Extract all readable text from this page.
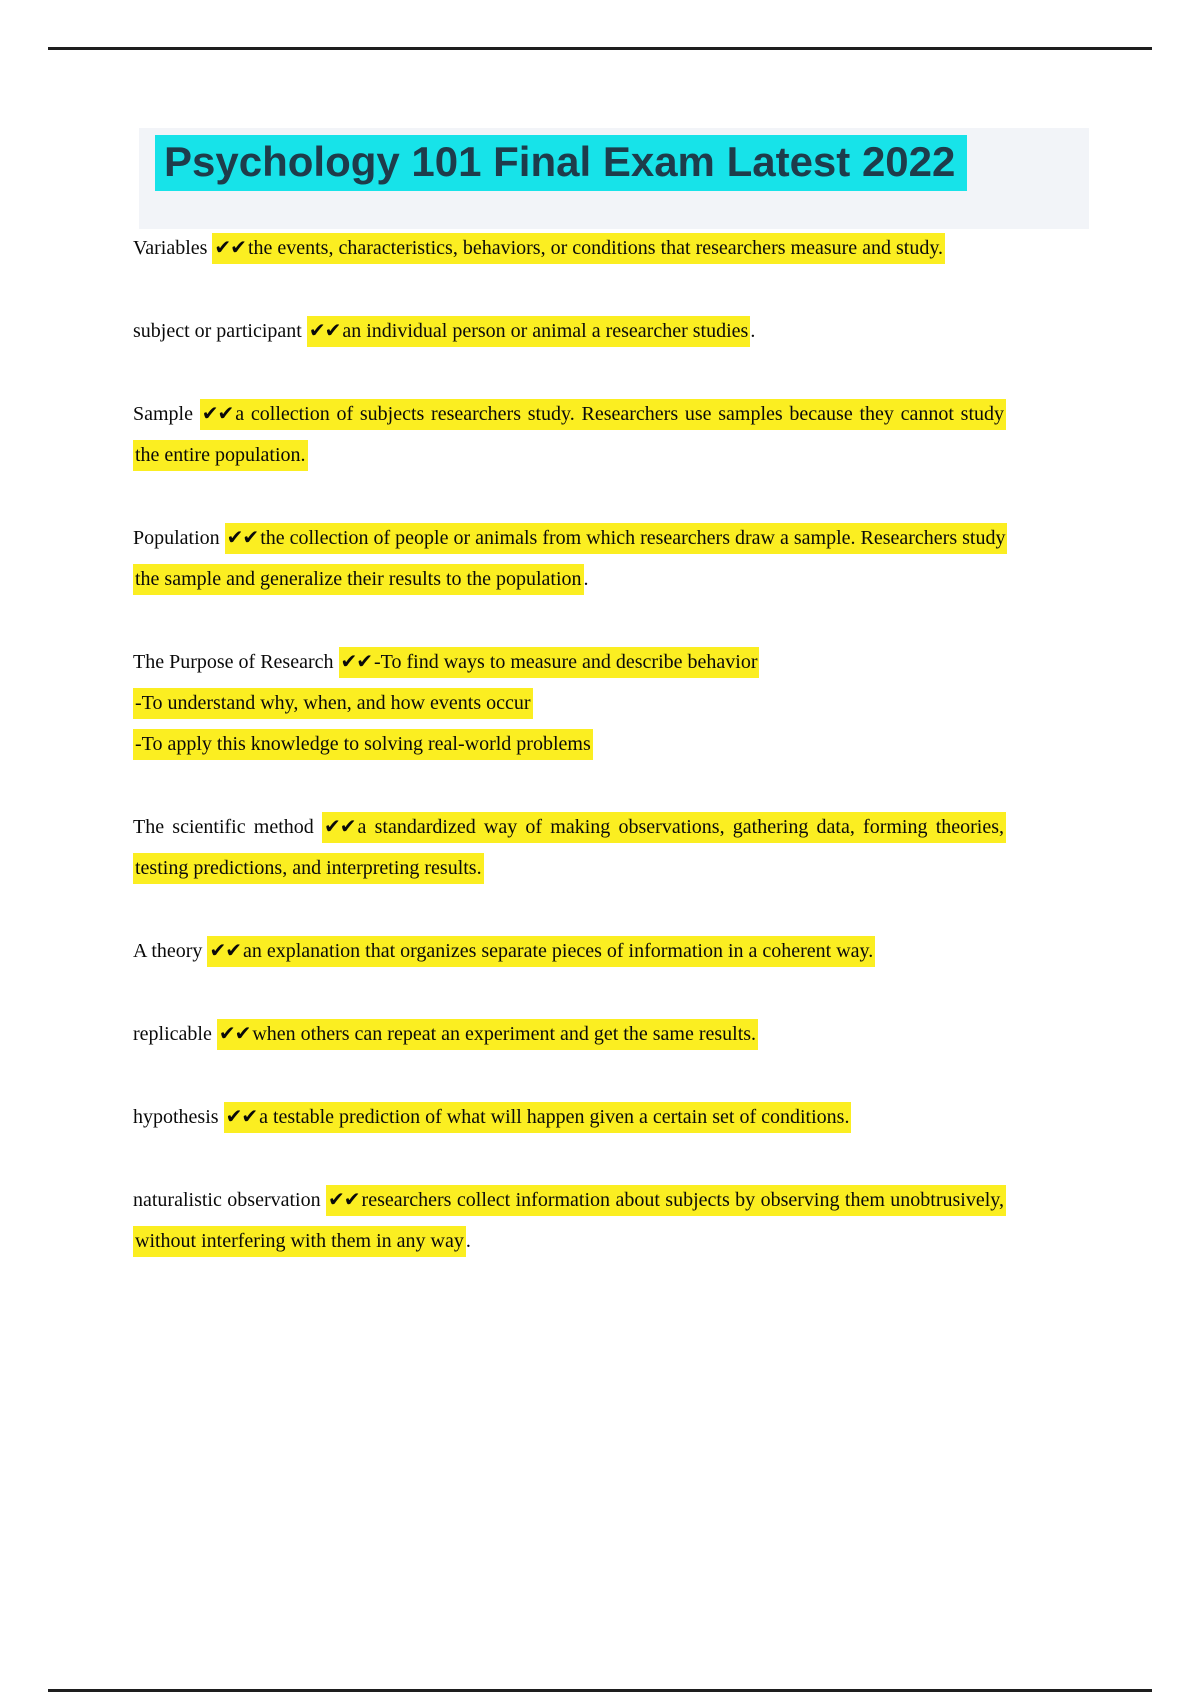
Psychology 101 Final Exam Latest 2022
Variables ✔✔ the events, characteristics, behaviors, or conditions that researchers measure and study.
subject or participant ✔✔ an individual person or animal a researcher studies .
Sample ✔✔ a collection of subjects researchers study. Researchers use samples because they cannot study the entire population.
Population ✔✔ the collection of people or animals from which researchers draw a sample. Researchers study the sample and generalize their results to the population .
The Purpose of Research ✔✔ -To find ways to measure and describe behavior
-To understand why, when, and how events occur
-To apply this knowledge to solving real-world problems
The scientific method ✔✔ a standardized way of making observations, gathering data, forming theories, testing predictions, and interpreting results.
A theory ✔✔ an explanation that organizes separate pieces of information in a coherent way.
replicable ✔✔ when others can repeat an experiment and get the same results.
hypothesis ✔✔ a testable prediction of what will happen given a certain set of conditions.
naturalistic observation ✔✔ researchers collect information about subjects by observing them unobtrusively, without interfering with them in any way .
